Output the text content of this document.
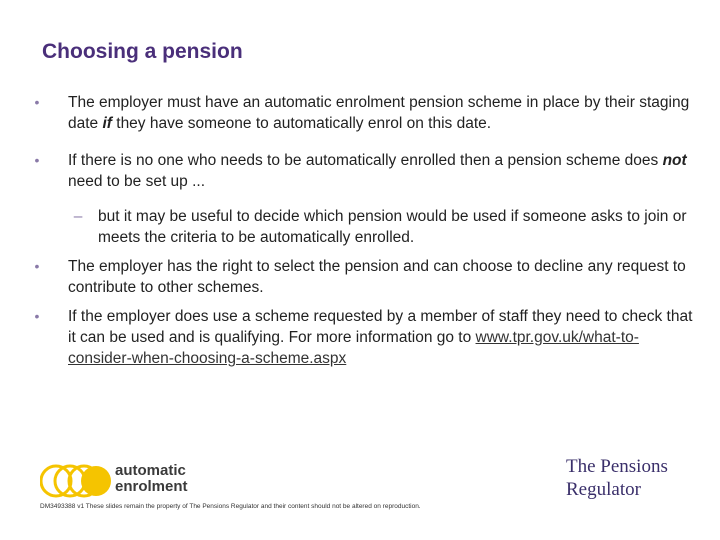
Choosing a pension
• The employer must have an automatic enrolment pension scheme in place by their staging date if they have someone to automatically enrol on this date.
• If there is no one who needs to be automatically enrolled then a pension scheme does not need to be set up ...
–	but it may be useful to decide which pension would be used if someone asks to join or meets the criteria to be automatically enrolled.
• The employer has the right to select the pension and can choose to decline any request to contribute to other schemes.
• If the employer does use a scheme requested by a member of staff they need to check that it can be used and is qualifying. For more information go to www.tpr.gov.uk/what-to-consider-when-choosing-a-scheme.aspx
automatic
enrolment
The Pensions
Regulator
DM3493388 v1 These slides remain the property of The Pensions Regulator and their content should not be altered on reproduction.
